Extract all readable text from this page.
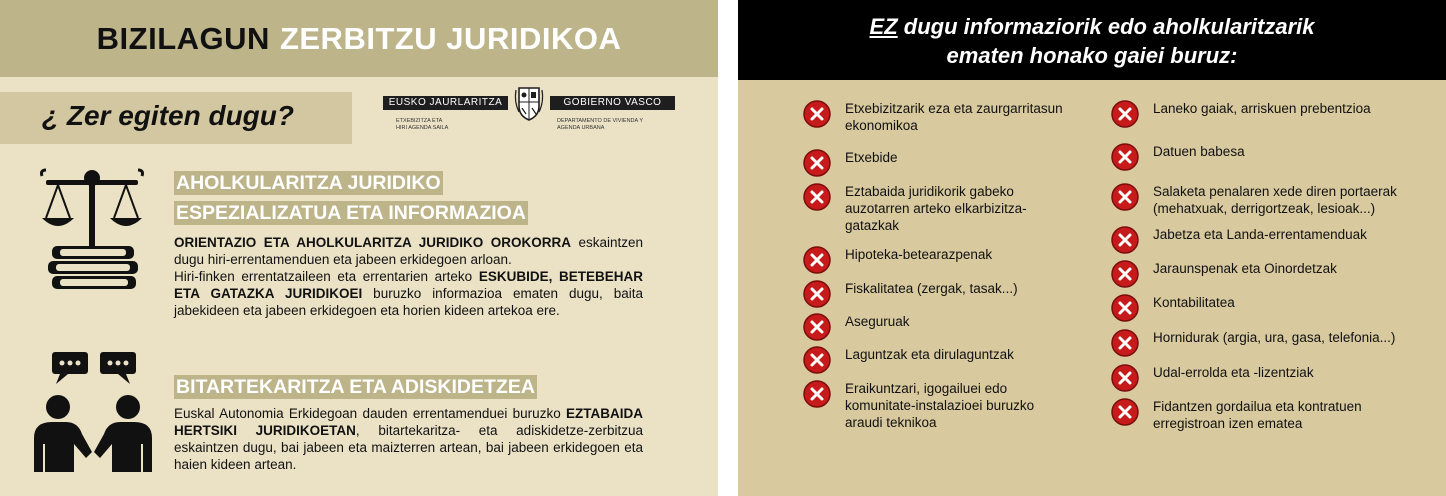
BIZILAGUN ZERBITZU JURIDIKOA
¿ Zer egiten dugu?	EUSKO JAURLARITZA	GOBIERNO VASCO
ETXEBIZITZA ETA
HIRI AGENDA SAILA
DEPARTAMENTO DE VIVIENDA Y
AGENDA URBANA
AHOLKULARITZA JURIDIKO
ESPEZIALIZATUA ETA INFORMAZIOA
ORIENTAZIO ETA AHOLKULARITZA JURIDIKO OROKORRA eskaintzen dugu hiri-errentamenduen eta jabeen erkidegoen arloan.
Hiri-finken errentatzaileen eta errentarien arteko ESKUBIDE, BETEBEHAR ETA GATAZKA JURIDIKOEI buruzko informazioa ematen dugu, baita jabekideen eta jabeen erkidegoen eta horien kideen artekoa ere.
BITARTEKARITZA ETA ADISKIDETZEA
Euskal Autonomia Erkidegoan dauden errentamenduei buruzko EZTABAIDA HERTSIKI JURIDIKOETAN, bitartekaritza- eta adiskidetze-zerbitzua eskaintzen dugu, bai jabeen eta maizterren artean, bai jabeen erkidegoen eta haien kideen artean.
EZ dugu informaziorik edo aholkularitzarik
ematen honako gaiei buruz:
Etxebizitzarik eza eta zaurgarritasun ekonomikoa
Etxebide
Eztabaida juridikorik gabeko auzotarren arteko elkarbizitza-gatazkak
Hipoteka-betearazpenak
Fiskalitatea (zergak, tasak...)
Aseguruak
Laguntzak eta dirulaguntzak
Eraikuntzari, igogailuei edo komunitate-instalazioei buruzko araudi teknikoa
Laneko gaiak, arriskuen prebentzioa
Datuen babesa
Salaketa penalaren xede diren portaerak (mehatxuak, derrigortzeak, lesioak...)
Jabetza eta Landa-errentamenduak
Jaraunspenak eta Oinordetzak
Kontabilitatea
Hornidurak (argia, ura, gasa, telefonia...)
Udal-errolda eta -lizentziak
Fidantzen gordailua eta kontratuen erregistroan izen ematea
